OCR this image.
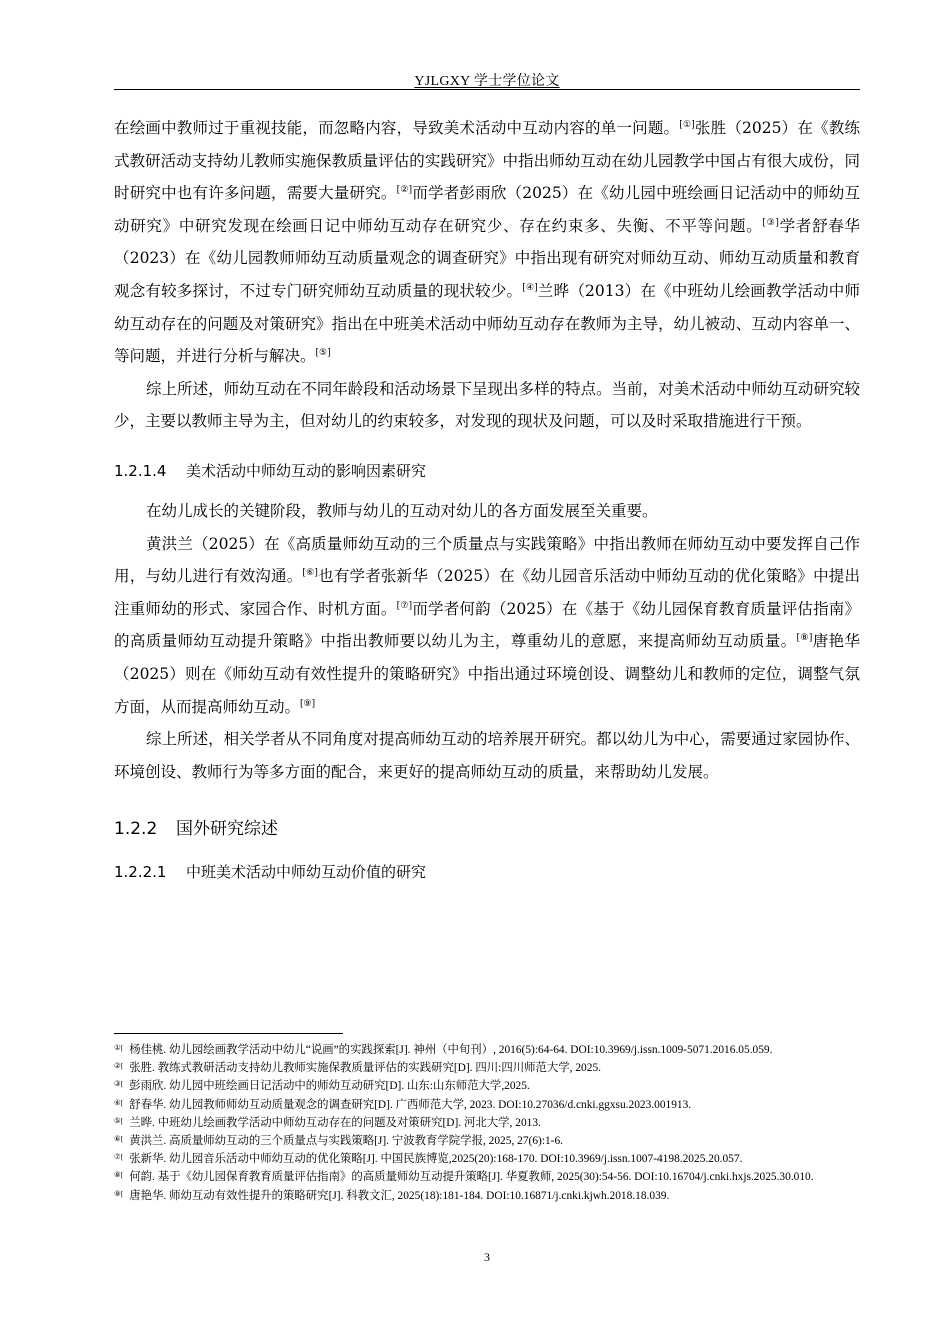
YJLGXY 学士学位论文

在绘画中教师过于重视技能，而忽略内容，导致美术活动中互动内容的单一问题。[①]张胜（2025）在《教练式教研活动支持幼儿教师实施保教质量评估的实践研究》中指出师幼互动在幼儿园教学中国占有很大成份，同时研究中也有许多问题，需要大量研究。[②]而学者彭雨欣（2025）在《幼儿园中班绘画日记活动中的师幼互动研究》中研究发现在绘画日记中师幼互动存在研究少、存在约束多、失衡、不平等问题。[③]学者舒春华（2023）在《幼儿园教师师幼互动质量观念的调查研究》中指出现有研究对师幼互动、师幼互动质量和教育观念有较多探讨，不过专门研究师幼互动质量的现状较少。[④]兰晔（2013）在《中班幼儿绘画教学活动中师幼互动存在的问题及对策研究》指出在中班美术活动中师幼互动存在教师为主导，幼儿被动、互动内容单一、等问题，并进行分析与解决。[⑤]

综上所述，师幼互动在不同年龄段和活动场景下呈现出多样的特点。当前，对美术活动中师幼互动研究较少，主要以教师主导为主，但对幼儿的约束较多，对发现的现状及问题，可以及时采取措施进行干预。

1.2.1.4 美术活动中师幼互动的影响因素研究

在幼儿成长的关键阶段，教师与幼儿的互动对幼儿的各方面发展至关重要。

黄洪兰（2025）在《高质量师幼互动的三个质量点与实践策略》中指出教师在师幼互动中要发挥自己作用，与幼儿进行有效沟通。[⑥]也有学者张新华（2025）在《幼儿园音乐活动中师幼互动的优化策略》中提出注重师幼的形式、家园合作、时机方面。[⑦]而学者何韵（2025）在《基于《幼儿园保育教育质量评估指南》的高质量师幼互动提升策略》中指出教师要以幼儿为主，尊重幼儿的意愿，来提高师幼互动质量。[⑧]唐艳华（2025）则在《师幼互动有效性提升的策略研究》中指出通过环境创设、调整幼儿和教师的定位，调整气氛方面，从而提高师幼互动。[⑨]

综上所述，相关学者从不同角度对提高师幼互动的培养展开研究。都以幼儿为中心，需要通过家园协作、环境创设、教师行为等多方面的配合，来更好的提高师幼互动的质量，来帮助幼儿发展。

1.2.2 国外研究综述

1.2.2.1 中班美术活动中师幼互动价值的研究

①[ 杨佳桃. 幼儿园绘画教学活动中幼儿“说画”的实践探索[J]. 神州（中旬刊）, 2016(5):64-64. DOI:10.3969/j.issn.1009-5071.2016.05.059.

②[ 张胜. 教练式教研活动支持幼儿教师实施保教质量评估的实践研究[D]. 四川:四川师范大学, 2025.

③[ 彭雨欣. 幼儿园中班绘画日记活动中的师幼互动研究[D]. 山东:山东师范大学,2025.

④[ 舒春华. 幼儿园教师师幼互动质量观念的调查研究[D]. 广西师范大学, 2023. DOI:10.27036/d.cnki.ggxsu.2023.001913.

⑤[ 兰晔. 中班幼儿绘画教学活动中师幼互动存在的问题及对策研究[D]. 河北大学, 2013.

⑥[ 黄洪兰. 高质量师幼互动的三个质量点与实践策略[J]. 宁波教育学院学报, 2025, 27(6):1-6.

⑦[ 张新华. 幼儿园音乐活动中师幼互动的优化策略[J]. 中国民族博览,2025(20):168-170. DOI:10.3969/j.issn.1007-4198.2025.20.057.

⑧[ 何韵. 基于《幼儿园保育教育质量评估指南》的高质量师幼互动提升策略[J]. 华夏教师, 2025(30):54-56. DOI:10.16704/j.cnki.hxjs.2025.30.010.

⑨[ 唐艳华. 师幼互动有效性提升的策略研究[J]. 科教文汇, 2025(18):181-184. DOI:10.16871/j.cnki.kjwh.2018.18.039.

3
